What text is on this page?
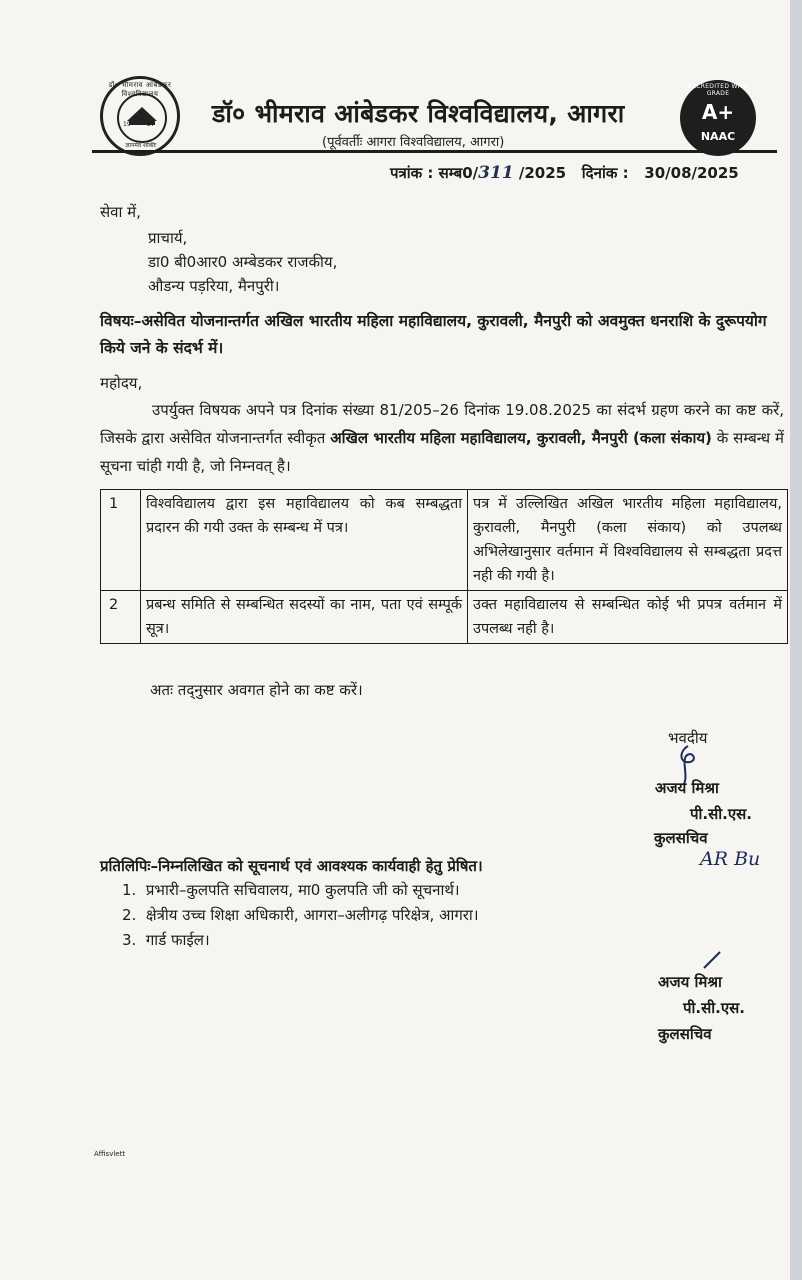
डॉ० भीमराव आंबेडकर विश्वविद्यालय
19	27
ज्ञानमेव शक्तिः
डॉ० भीमराव आंबेडकर विश्वविद्यालय, आगरा
(पूर्ववर्तीः आगरा विश्वविद्यालय, आगरा)
ACCREDITED WITH GRADE
A+
NAAC
पत्रांक : सम्ब0/311 /2025 दिनांक : 30/08/2025
सेवा में,
प्राचार्य,
डा0 बी0आर0 अम्बेडकर राजकीय,
औडन्य पड़रिया, मैनपुरी।
विषयः–असेवित योजनान्तर्गत अखिल भारतीय महिला महाविद्यालय, कुरावली, मैनपुरी को अवमुक्त धनराशि के दुरूपयोग किये जने के संदर्भ में।
महोदय,
उपर्युक्त विषयक अपने पत्र दिनांक संख्या 81/205–26 दिनांक 19.08.2025 का संदर्भ ग्रहण करने का कष्ट करें, जिसके द्वारा असेवित योजनान्तर्गत स्वीकृत अखिल भारतीय महिला महाविद्यालय, कुरावली, मैनपुरी (कला संकाय) के सम्बन्ध में सूचना चांही गयी है, जो निम्नवत् है।
1	विश्वविद्यालय द्वारा इस महाविद्यालय को कब सम्बद्धता प्रदारन की गयी उक्त के सम्बन्ध में पत्र।	पत्र में उल्लिखित अखिल भारतीय महिला महाविद्यालय, कुरावली, मैनपुरी (कला संकाय) को उपलब्ध अभिलेखानुसार वर्तमान में विश्वविद्यालय से सम्बद्धता प्रदत्त नही की गयी है।
2	प्रबन्ध समिति से सम्बन्धित सदस्यों का नाम, पता एवं सम्पूर्क सूत्र।	उक्त महाविद्यालय से सम्बन्धित कोई भी प्रपत्र वर्तमान में उपलब्ध नही है।
अतः तद्नुसार अवगत होने का कष्ट करें।
भवदीय
अजय मिश्रा
पी.सी.एस.
कुलसचिव
AR Bu
प्रतिलिपिः–निम्नलिखित को सूचनार्थ एवं आवश्यक कार्यवाही हेतु प्रेषित।
1. प्रभारी–कुलपति सचिवालय, मा0 कुलपति जी को सूचनार्थ।
2. क्षेत्रीय उच्च शिक्षा अधिकारी, आगरा–अलीगढ़ परिक्षेत्र, आगरा।
3. गार्ड फाईल।
अजय मिश्रा
पी.सी.एस.
कुलसचिव
Affisvlett
